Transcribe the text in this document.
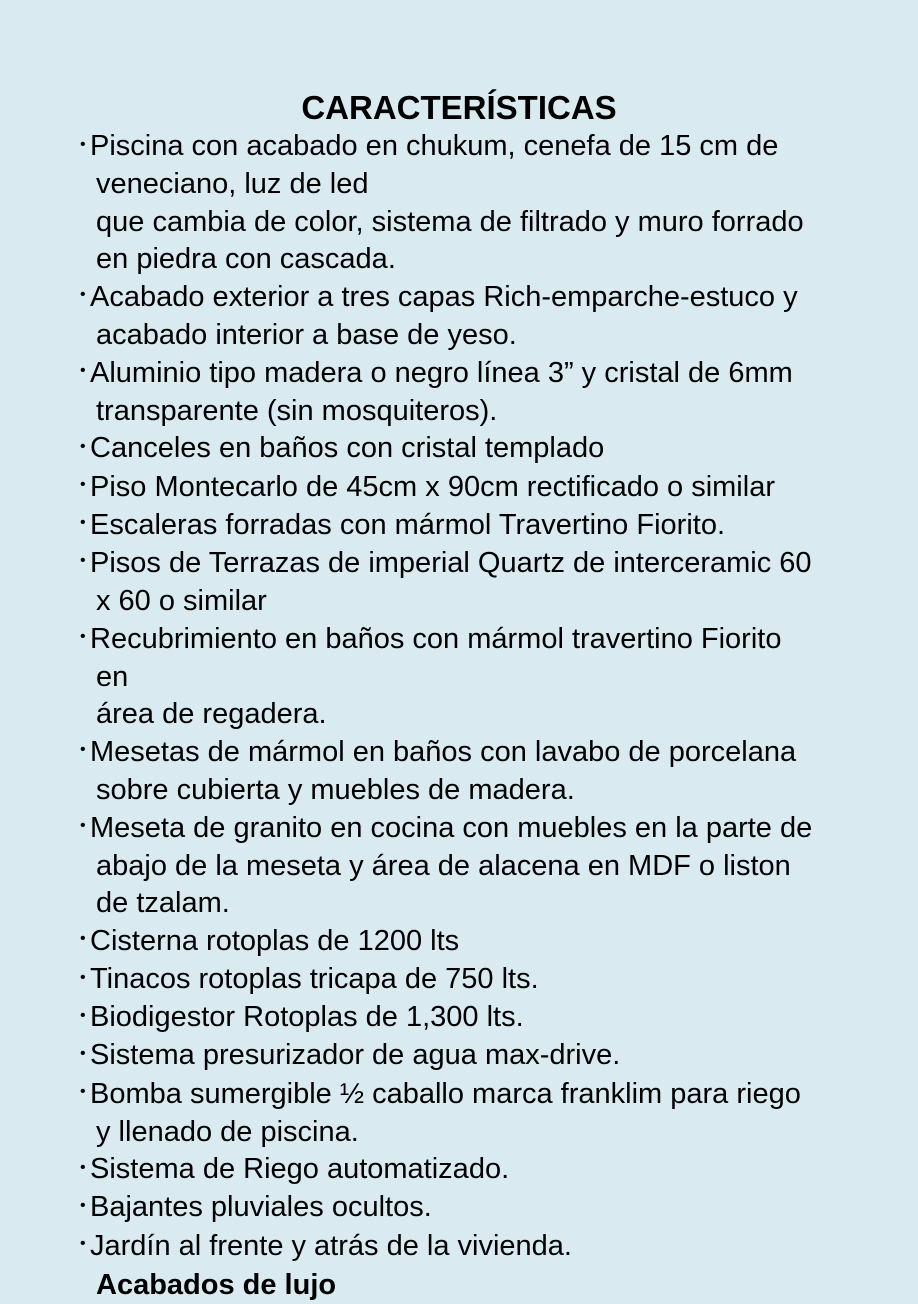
CARACTERÍSTICAS
• Piscina con acabado en chukum, cenefa de 15 cm de
veneciano, luz de led
que cambia de color, sistema de filtrado y muro forrado
en piedra con cascada.
• Acabado exterior a tres capas Rich-emparche-estuco y
acabado interior a base de yeso.
• Aluminio tipo madera o negro línea 3” y cristal de 6mm
transparente (sin mosquiteros).
• Canceles en baños con cristal templado
• Piso Montecarlo de 45cm x 90cm rectificado o similar
• Escaleras forradas con mármol Travertino Fiorito.
• Pisos de Terrazas de imperial Quartz de interceramic 60
x 60 o similar
• Recubrimiento en baños con mármol travertino Fiorito en
área de regadera.
• Mesetas de mármol en baños con lavabo de porcelana
sobre cubierta y muebles de madera.
• Meseta de granito en cocina con muebles en la parte de
abajo de la meseta y área de alacena en MDF o liston
de tzalam.
• Cisterna rotoplas de 1200 lts
• Tinacos rotoplas tricapa de 750 lts.
• Biodigestor Rotoplas de 1,300 lts.
• Sistema presurizador de agua max-drive.
• Bomba sumergible ½ caballo marca franklim para riego
y llenado de piscina.
• Sistema de Riego automatizado.
• Bajantes pluviales ocultos.
• Jardín al frente y atrás de la vivienda.

Acabados de lujo
